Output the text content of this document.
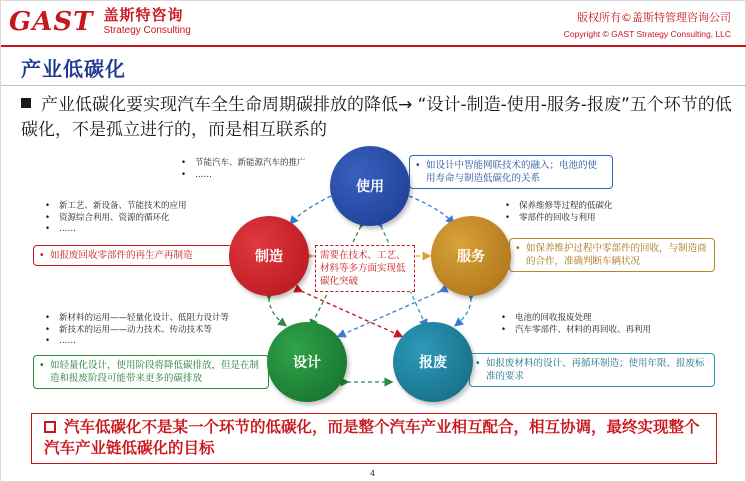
GAST 盖斯特咨询
Strategy Consulting
版权所有©盖斯特管理咨询公司
Copyright © GAST Strategy Consulting, LLC
产业低碳化
产业低碳化要实现汽车全生命周期碳排放的降低→ “设计-制造-使用-服务-报废”五个环节的低碳化，不是孤立进行的，而是相互联系的
• 节能汽车、新能源汽车的推广
• ……
• 新工艺、新设备、节能技术的应用
• 资源综合利用、资源的循环化
• ……
• 保养维修等过程的低碳化
• 零部件的回收与利用
• 新材料的运用——轻量化设计、低阻力设计等
• 新技术的运用——动力技术、传动技术等
• ……
• 电池的回收报废处理
• 汽车零部件、材料的再回收、再利用
• 如设计中智能网联技术的融入；电池的使用寿命与制造低碳化的关系
• 如报废回收零部件的再生产再制造
• 如保养维护过程中零部件的回收，与制造商的合作，准确判断车辆状况
• 如轻量化设计，使用阶段将降低碳排放，但是在制造和报废阶段可能带来更多的碳排放
• 如报废材料的设计、再循环制造；使用年限、报废标准的要求
需要在技术、工艺、材料等多方面实现低碳化突破
使用
制造	服务
设计	报废
汽车低碳化不是某一个环节的低碳化，而是整个汽车产业相互配合，相互协调，最终实现整个汽车产业链低碳化的目标
4
